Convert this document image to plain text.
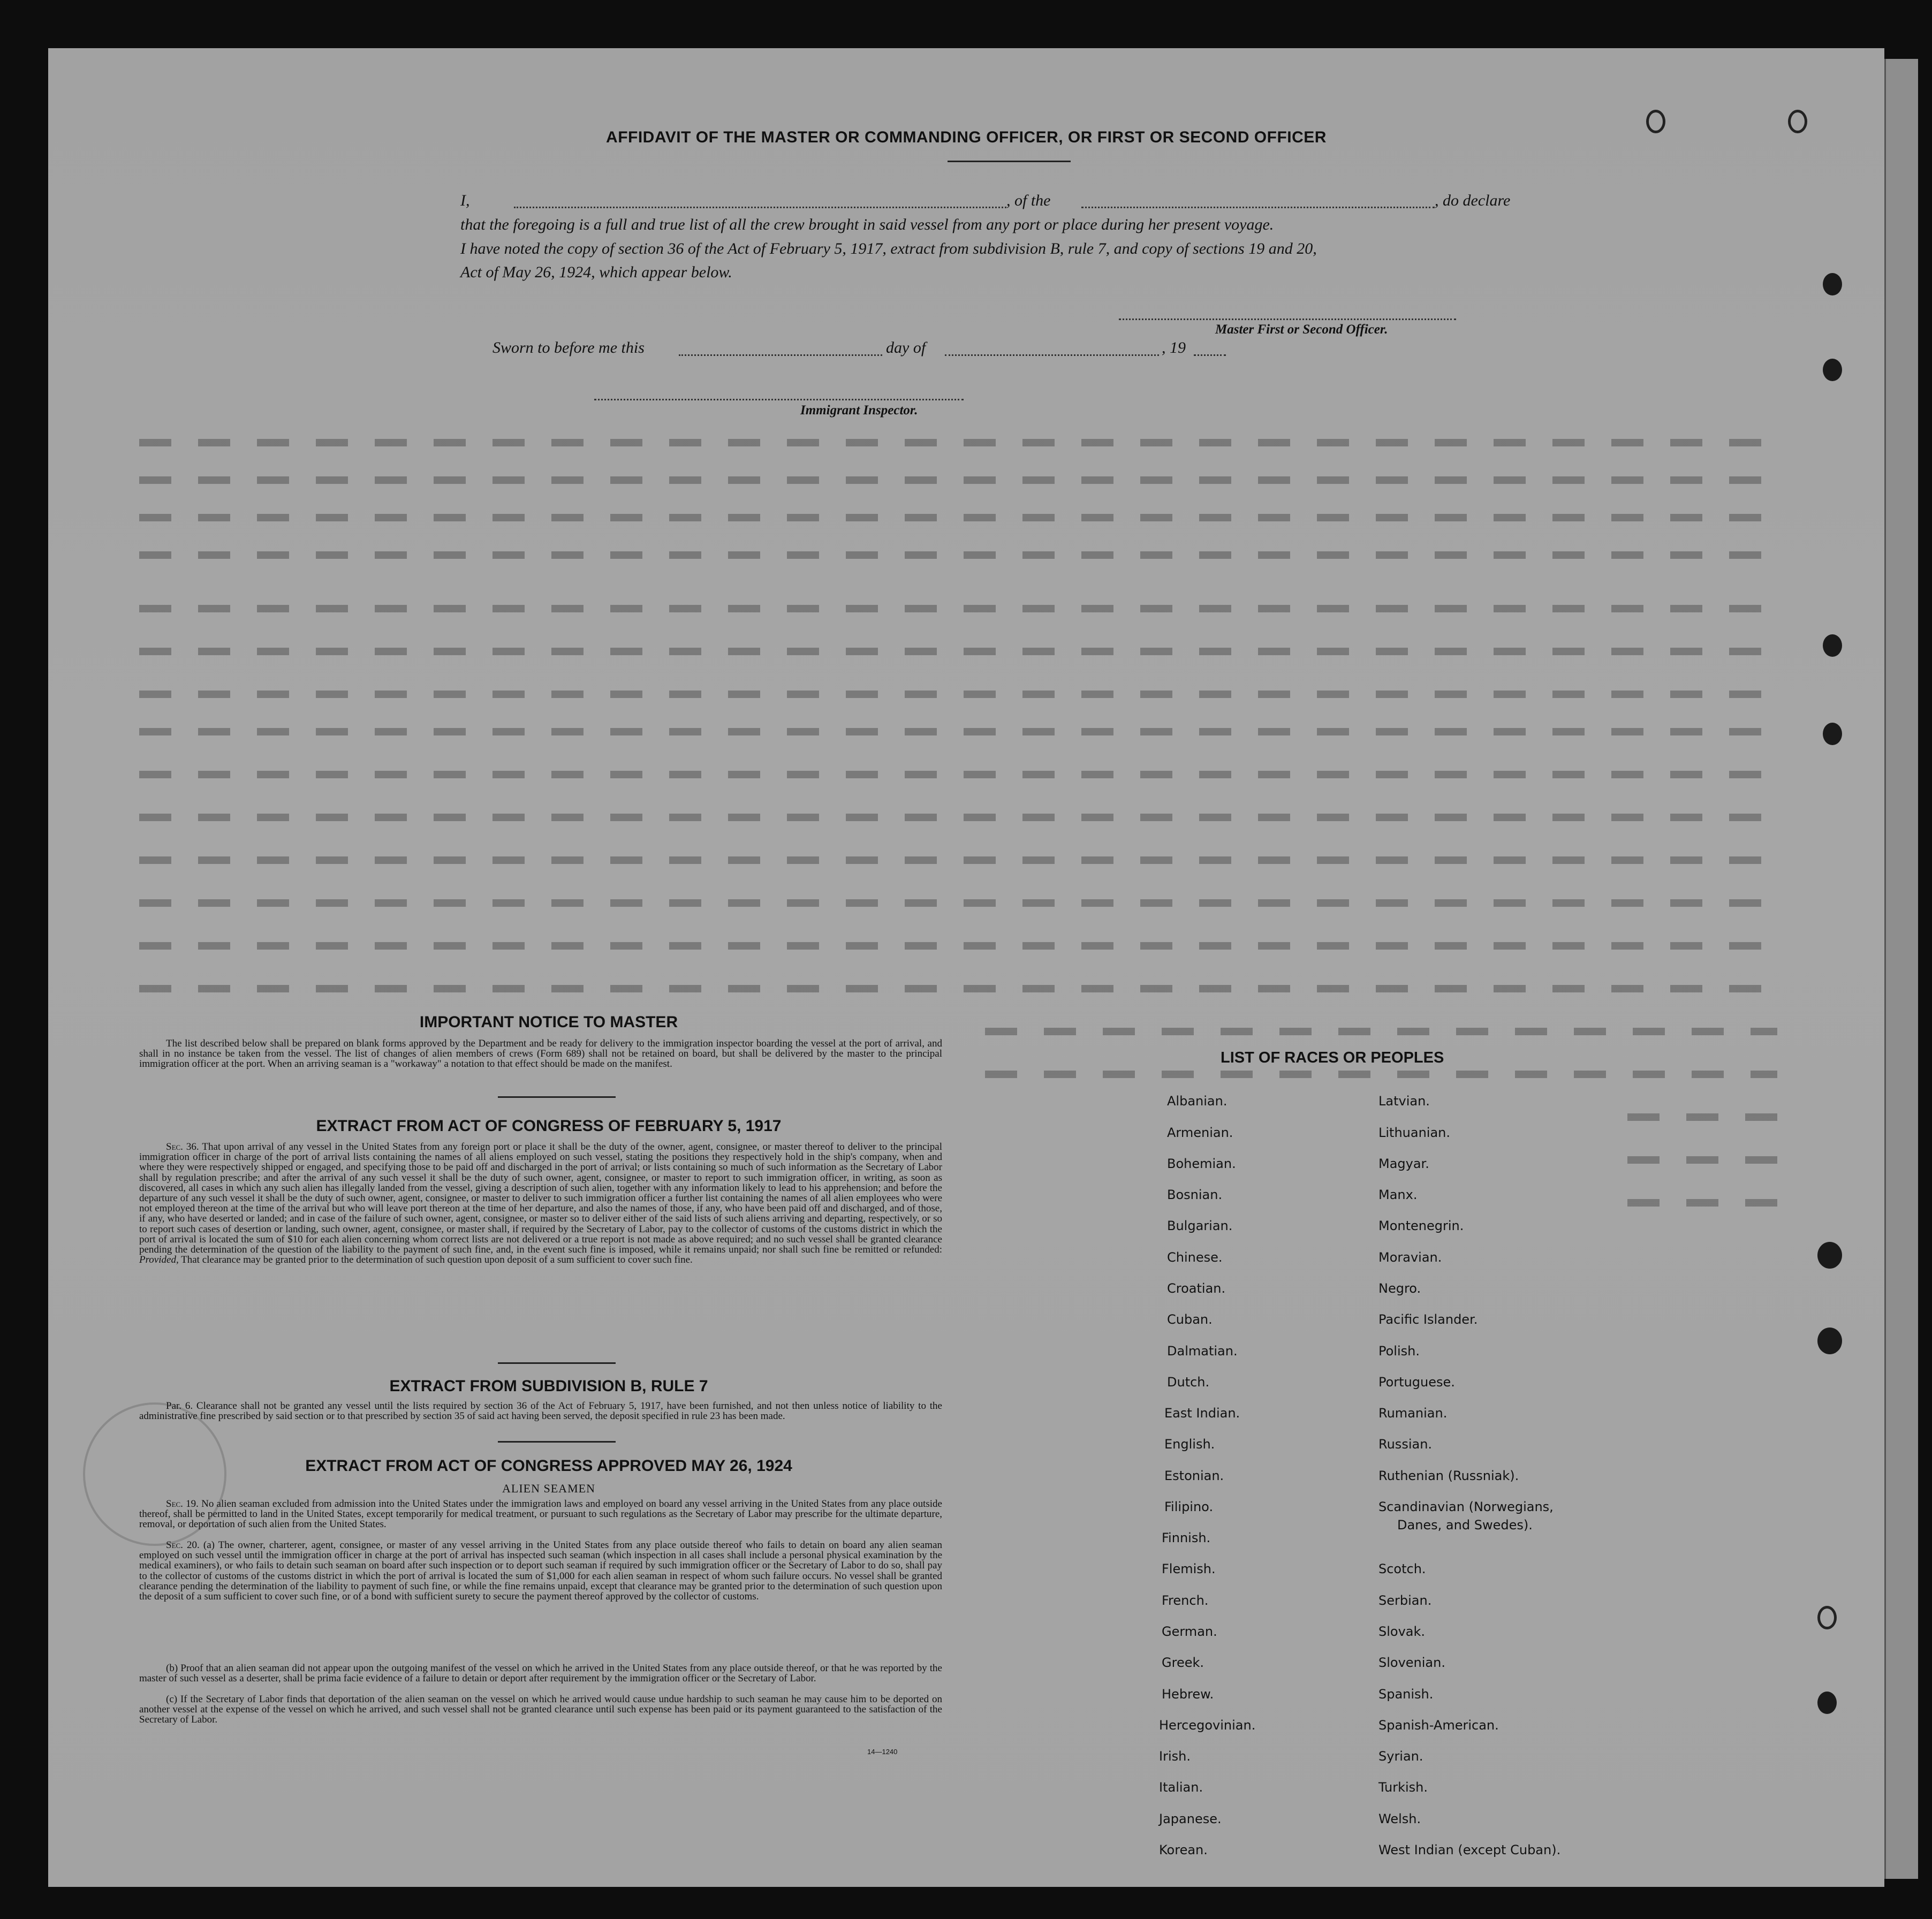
AFFIDAVIT OF THE MASTER OR COMMANDING OFFICER, OR FIRST OR SECOND OFFICER
I,	, of the	, do declare
that the foregoing is a full and true list of all the crew brought in said vessel from any port or place during her present voyage.
I have noted the copy of section 36 of the Act of February 5, 1917, extract from subdivision B, rule 7, and copy of sections 19 and 20,
Act of May 26, 1924, which appear below.
Master First or Second Officer.
Sworn to before me this	day of	, 19
Immigrant Inspector.
IMPORTANT NOTICE TO MASTER
The list described below shall be prepared on blank forms approved by the Department and be ready for delivery to the immigration inspector boarding the vessel at the port of arrival, and shall in no instance be taken from the vessel. The list of changes of alien members of crews (Form 689) shall not be retained on board, but shall be delivered by the master to the principal immigration officer at the port. When an arriving seaman is a "workaway" a notation to that effect should be made on the manifest.
EXTRACT FROM ACT OF CONGRESS OF FEBRUARY 5, 1917
Sec. 36. That upon arrival of any vessel in the United States from any foreign port or place it shall be the duty of the owner, agent, consignee, or master thereof to deliver to the principal immigration officer in charge of the port of arrival lists containing the names of all aliens employed on such vessel, stating the positions they respectively hold in the ship's company, when and where they were respectively shipped or engaged, and specifying those to be paid off and discharged in the port of arrival; or lists containing so much of such information as the Secretary of Labor shall by regulation prescribe; and after the arrival of any such vessel it shall be the duty of such owner, agent, consignee, or master to report to such immigration officer, in writing, as soon as discovered, all cases in which any such alien has illegally landed from the vessel, giving a description of such alien, together with any information likely to lead to his apprehension; and before the departure of any such vessel it shall be the duty of such owner, agent, consignee, or master to deliver to such immigration officer a further list containing the names of all alien employees who were not employed thereon at the time of the arrival but who will leave port thereon at the time of her departure, and also the names of those, if any, who have been paid off and discharged, and of those, if any, who have deserted or landed; and in case of the failure of such owner, agent, consignee, or master so to deliver either of the said lists of such aliens arriving and departing, respectively, or so to report such cases of desertion or landing, such owner, agent, consignee, or master shall, if required by the Secretary of Labor, pay to the collector of customs of the customs district in which the port of arrival is located the sum of $10 for each alien concerning whom correct lists are not delivered or a true report is not made as above required; and no such vessel shall be granted clearance pending the determination of the question of the liability to the payment of such fine, and, in the event such fine is imposed, while it remains unpaid; nor shall such fine be remitted or refunded: Provided, That clearance may be granted prior to the determination of such question upon deposit of a sum sufficient to cover such fine.
EXTRACT FROM SUBDIVISION B, RULE 7
Par. 6. Clearance shall not be granted any vessel until the lists required by section 36 of the Act of February 5, 1917, have been furnished, and not then unless notice of liability to the administrative fine prescribed by said section or to that prescribed by section 35 of said act having been served, the deposit specified in rule 23 has been made.
EXTRACT FROM ACT OF CONGRESS APPROVED MAY 26, 1924
ALIEN SEAMEN
Sec. 19. No alien seaman excluded from admission into the United States under the immigration laws and employed on board any vessel arriving in the United States from any place outside thereof, shall be permitted to land in the United States, except temporarily for medical treatment, or pursuant to such regulations as the Secretary of Labor may prescribe for the ultimate departure, removal, or deportation of such alien from the United States.
Sec. 20. (a) The owner, charterer, agent, consignee, or master of any vessel arriving in the United States from any place outside thereof who fails to detain on board any alien seaman employed on such vessel until the immigration officer in charge at the port of arrival has inspected such seaman (which inspection in all cases shall include a personal physical examination by the medical examiners), or who fails to detain such seaman on board after such inspection or to deport such seaman if required by such immigration officer or the Secretary of Labor to do so, shall pay to the collector of customs of the customs district in which the port of arrival is located the sum of $1,000 for each alien seaman in respect of whom such failure occurs. No vessel shall be granted clearance pending the determination of the liability to payment of such fine, or while the fine remains unpaid, except that clearance may be granted prior to the determination of such question upon the deposit of a sum sufficient to cover such fine, or of a bond with sufficient surety to secure the payment thereof approved by the collector of customs.
(b) Proof that an alien seaman did not appear upon the outgoing manifest of the vessel on which he arrived in the United States from any place outside thereof, or that he was reported by the master of such vessel as a deserter, shall be prima facie evidence of a failure to detain or deport after requirement by the immigration officer or the Secretary of Labor.
(c) If the Secretary of Labor finds that deportation of the alien seaman on the vessel on which he arrived would cause undue hardship to such seaman he may cause him to be deported on another vessel at the expense of the vessel on which he arrived, and such vessel shall not be granted clearance until such expense has been paid or its payment guaranteed to the satisfaction of the Secretary of Labor.
14—1240
LIST OF RACES OR PEOPLES
Albanian.
Armenian.
Bohemian.
Bosnian.
Bulgarian.
Chinese.
Croatian.
Cuban.
Dalmatian.
Dutch.
East Indian.
English.
Estonian.
Filipino.
Finnish.
Flemish.
French.
German.
Greek.
Hebrew.
Hercegovinian.
Irish.
Italian.
Japanese.
Korean.
Latvian.
Lithuanian.
Magyar.
Manx.
Montenegrin.
Moravian.
Negro.
Pacific Islander.
Polish.
Portuguese.
Rumanian.
Russian.
Ruthenian (Russniak).
Scandinavian (Norwegians,
Danes, and Swedes).
Scotch.
Serbian.
Slovak.
Slovenian.
Spanish.
Spanish-American.
Syrian.
Turkish.
Welsh.
West Indian (except Cuban).
